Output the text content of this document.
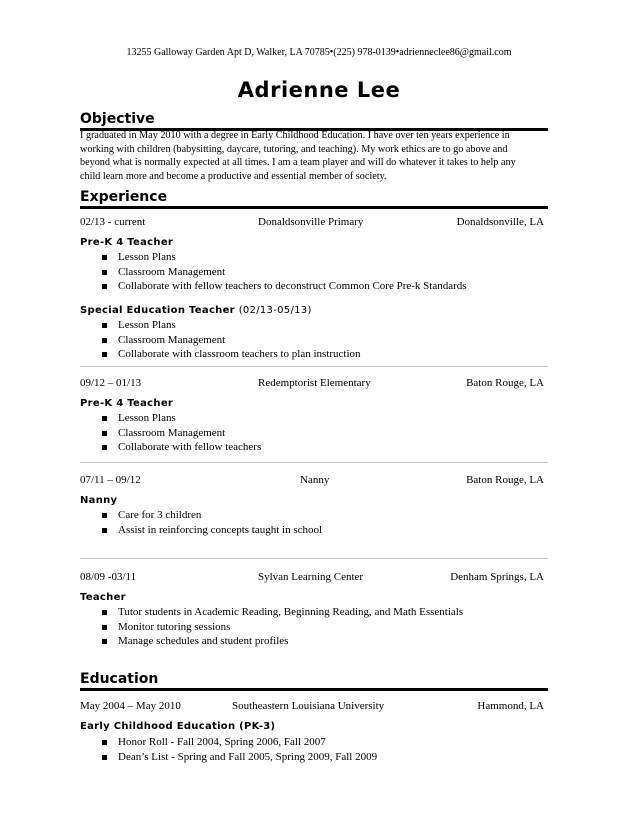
13255 Galloway Garden Apt D, Walker, LA 70785•(225) 978-0139•adrienneclee86@gmail.com
Adrienne Lee
Objective
I graduated in May 2010 with a degree in Early Childhood Education. I have over ten years experience in
working with children (babysitting, daycare, tutoring, and teaching). My work ethics are to go above and
beyond what is normally expected at all times. I am a team player and will do whatever it takes to help any
child learn more and become a productive and essential member of society.
Experience
02/13 - current	Donaldsonville Primary	Donaldsonville, LA
Pre-K 4 Teacher
Lesson Plans
Classroom Management
Collaborate with fellow teachers to deconstruct Common Core Pre-k Standards
Special Education Teacher (02/13-05/13)
Lesson Plans
Classroom Management
Collaborate with classroom teachers to plan instruction
09/12 – 01/13	Redemptorist Elementary	Baton Rouge, LA
Pre-K 4 Teacher
Lesson Plans
Classroom Management
Collaborate with fellow teachers
07/11 – 09/12	Nanny	Baton Rouge, LA
Nanny
Care for 3 children
Assist in reinforcing concepts taught in school
08/09 -03/11	Sylvan Learning Center	Denham Springs, LA
Teacher
Tutor students in Academic Reading, Beginning Reading, and Math Essentials
Monitor tutoring sessions
Manage schedules and student profiles
Education
May 2004 – May 2010	Southeastern Louisiana University	Hammond, LA
Early Childhood Education (PK-3)
Honor Roll - Fall 2004, Spring 2006, Fall 2007
Dean’s List - Spring and Fall 2005, Spring 2009, Fall 2009
